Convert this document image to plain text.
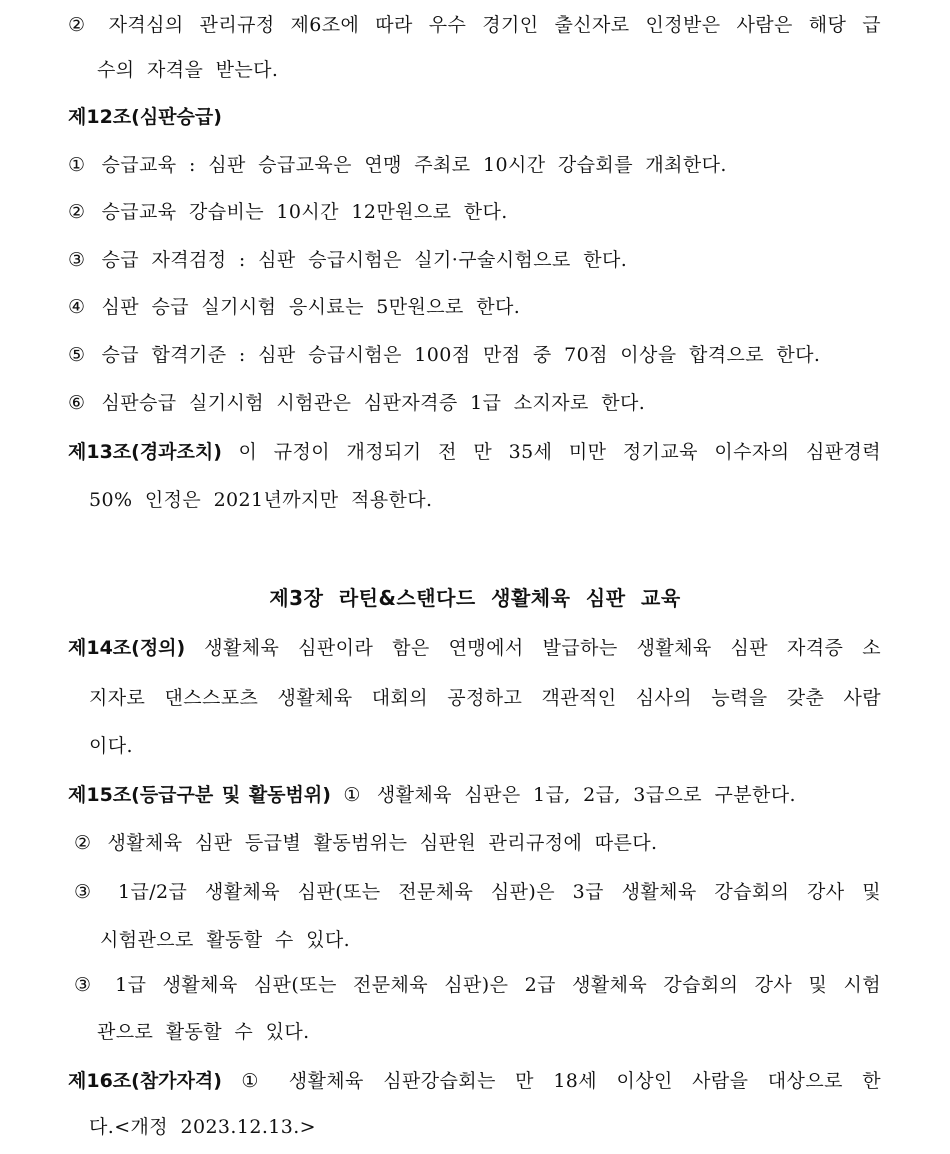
② 자격심의 관리규정 제6조에 따라 우수 경기인 출신자로 인정받은 사람은 해당 급
수의 자격을 받는다.
제12조(심판승급)
① 승급교육 : 심판 승급교육은 연맹 주최로 10시간 강습회를 개최한다.
② 승급교육 강습비는 10시간 12만원으로 한다.
③ 승급 자격검정 : 심판 승급시험은 실기·구술시험으로 한다.
④ 심판 승급 실기시험 응시료는 5만원으로 한다.
⑤ 승급 합격기준 : 심판 승급시험은 100점 만점 중 70점 이상을 합격으로 한다.
⑥ 심판승급 실기시험 시험관은 심판자격증 1급 소지자로 한다.
제13조(경과조치) 이 규정이 개정되기 전 만 35세 미만 정기교육 이수자의 심판경력
50% 인정은 2021년까지만 적용한다.
제3장 라틴&스탠다드 생활체육 심판 교육
제14조(정의) 생활체육 심판이라 함은 연맹에서 발급하는 생활체육 심판 자격증 소
지자로 댄스스포츠 생활체육 대회의 공정하고 객관적인 심사의 능력을 갖춘 사람
이다.
제15조(등급구분 및 활동범위) ① 생활체육 심판은 1급, 2급, 3급으로 구분한다.
② 생활체육 심판 등급별 활동범위는 심판원 관리규정에 따른다.
③ 1급/2급 생활체육 심판(또는 전문체육 심판)은 3급 생활체육 강습회의 강사 및
시험관으로 활동할 수 있다.
③ 1급 생활체육 심판(또는 전문체육 심판)은 2급 생활체육 강습회의 강사 및 시험
관으로 활동할 수 있다.
제16조(참가자격) ① 생활체육 심판강습회는 만 18세 이상인 사람을 대상으로 한
다.<개정 2023.12.13.>
